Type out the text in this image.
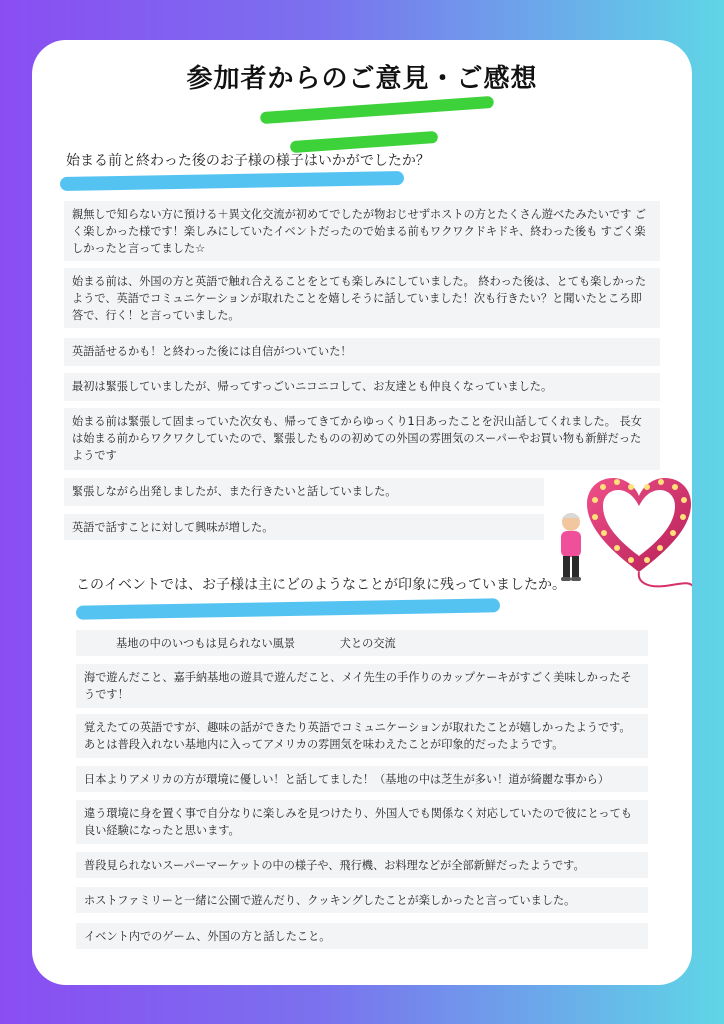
参加者からのご意見・ご感想
始まる前と終わった後のお子様の様子はいかがでしたか？
親無しで知らない方に預ける＋異文化交流が初めてでしたが物おじせずホストの方とたくさん遊べたみたいです ごく楽しかった様です！楽しみにしていたイベントだったので始まる前もワクワクドキドキ、終わった後も すごく楽しかったと言ってました☆
始まる前は、外国の方と英語で触れ合えることをとても楽しみにしていました。 終わった後は、とても楽しかったようで、英語でコミュニケーションが取れたことを嬉しそうに話していました！次も行きたい？と聞いたところ即答で、行く！と言っていました。
英語話せるかも！と終わった後には自信がついていた！
最初は緊張していましたが、帰ってすっごいニコニコして、お友達とも仲良くなっていました。
始まる前は緊張して固まっていた次女も、帰ってきてからゆっくり1日あったことを沢山話してくれました。 長女は始まる前からワクワクしていたので、緊張したものの初めての外国の雰囲気のスーパーやお買い物も新鮮だったようです
緊張しながら出発しましたが、また行きたいと話していました。
英語で話すことに対して興味が増した。
このイベントでは、お子様は主にどのようなことが印象に残っていましたか。
基地の中のいつもは見られない風景　　　　犬との交流
海で遊んだこと、嘉手納基地の遊具で遊んだこと、メイ先生の手作りのカップケーキがすごく美味しかったそうです！
覚えたての英語ですが、趣味の話ができたり英語でコミュニケーションが取れたことが嬉しかったようです。 あとは普段入れない基地内に入ってアメリカの雰囲気を味わえたことが印象的だったようです。
日本よりアメリカの方が環境に優しい！と話してました！（基地の中は芝生が多い！道が綺麗な事から）
違う環境に身を置く事で自分なりに楽しみを見つけたり、外国人でも関係なく対応していたので彼にとっても良い経験になったと思います。
普段見られないスーパーマーケットの中の様子や、飛行機、お料理などが全部新鮮だったようです。
ホストファミリーと一緒に公園で遊んだり、クッキングしたことが楽しかったと言っていました。
イベント内でのゲーム、外国の方と話したこと。
